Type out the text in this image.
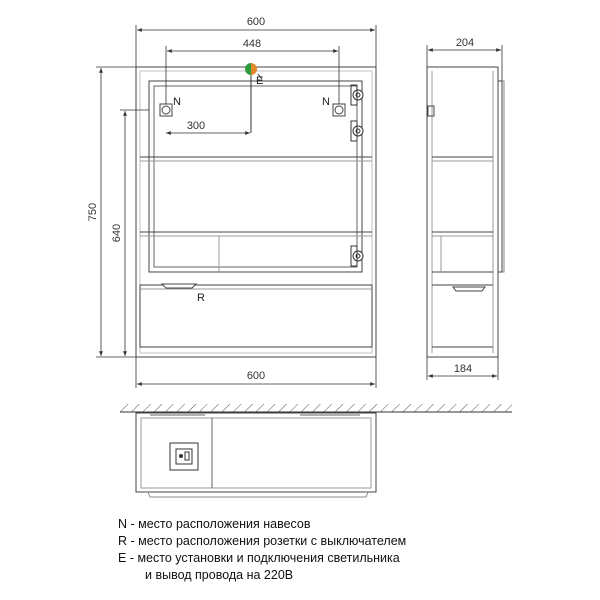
600
448
300
600
750
640
204
184
N	N
R
E
N - место расположения навесов
R - место расположения розетки с выключателем
E - место установки и подключения светильника
и вывод провода на 220В
